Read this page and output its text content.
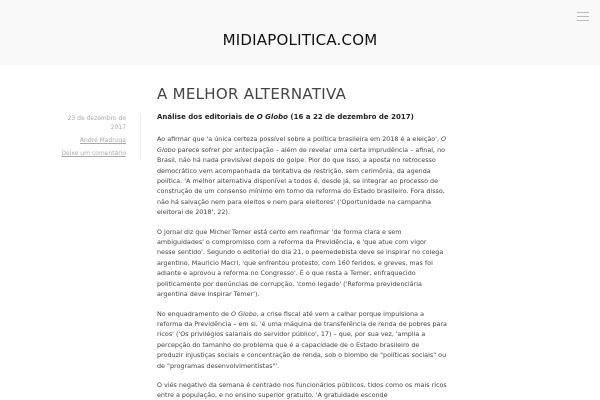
MIDIAPOLITICA.COM
A MELHOR ALTERNATIVA
23 de dezembro de 2017
André Madruga
Deixe um comentário

Análise dos editoriais de O Globo (16 a 22 de dezembro de 2017)

Ao afirmar que 'a única certeza possível sobre a política brasileira em 2018 é a eleição', O Globo parece sofrer por antecipação – além de revelar uma certa imprudência – afinal, no Brasil, não há nada previsível depois do golpe. Pior do que isso, a aposta no retrocesso democrático vem acompanhada da tentativa de restrição, sem cerimônia, da agenda política. 'A melhor alternativa disponível a todos é, desde já, se integrar ao processo de construção de um consenso mínimo em torno da reforma do Estado brasileiro. Fora disso, não há salvação nem para eleitos e nem para eleitores' ('Oportunidade na campanha eleitoral de 2018', 22).

O jornal diz que Michel Temer está certo em reafirmar 'de forma clara e sem ambiguidades' o compromisso com a reforma da Previdência, e 'que atue com vigor nesse sentido'. Segundo o editorial do dia 21, o peemedebista deve se inspirar no colega argentino, Mauricio Macri, 'que enfrentou protesto, com 160 feridos, e greves, mas foi adiante e aprovou a reforma no Congresso'. É o que resta a Temer, enfraquecido politicamente por denúncias de corrupção, 'como legado' ('Reforma previdenciária argentina deve inspirar Temer').

No enquadramento de O Globo, a crise fiscal até vem a calhar porque impulsiona a reforma da Previdência – em si, 'é uma máquina de transferência de renda de pobres para ricos' ('Os privilégios salariais do servidor público', 17) – que, por sua vez, 'amplia a percepção do tamanho do problema que é a capacidade de o Estado brasileiro de produzir injustiças sociais e concentração de renda, sob o biombo de "políticas sociais" ou de "programas desenvolvimentistas"'.

O viés negativo da semana é centrado nos funcionários públicos, tidos como os mais ricos entre a população, e no ensino superior gratuito. 'A gratuidade esconde
